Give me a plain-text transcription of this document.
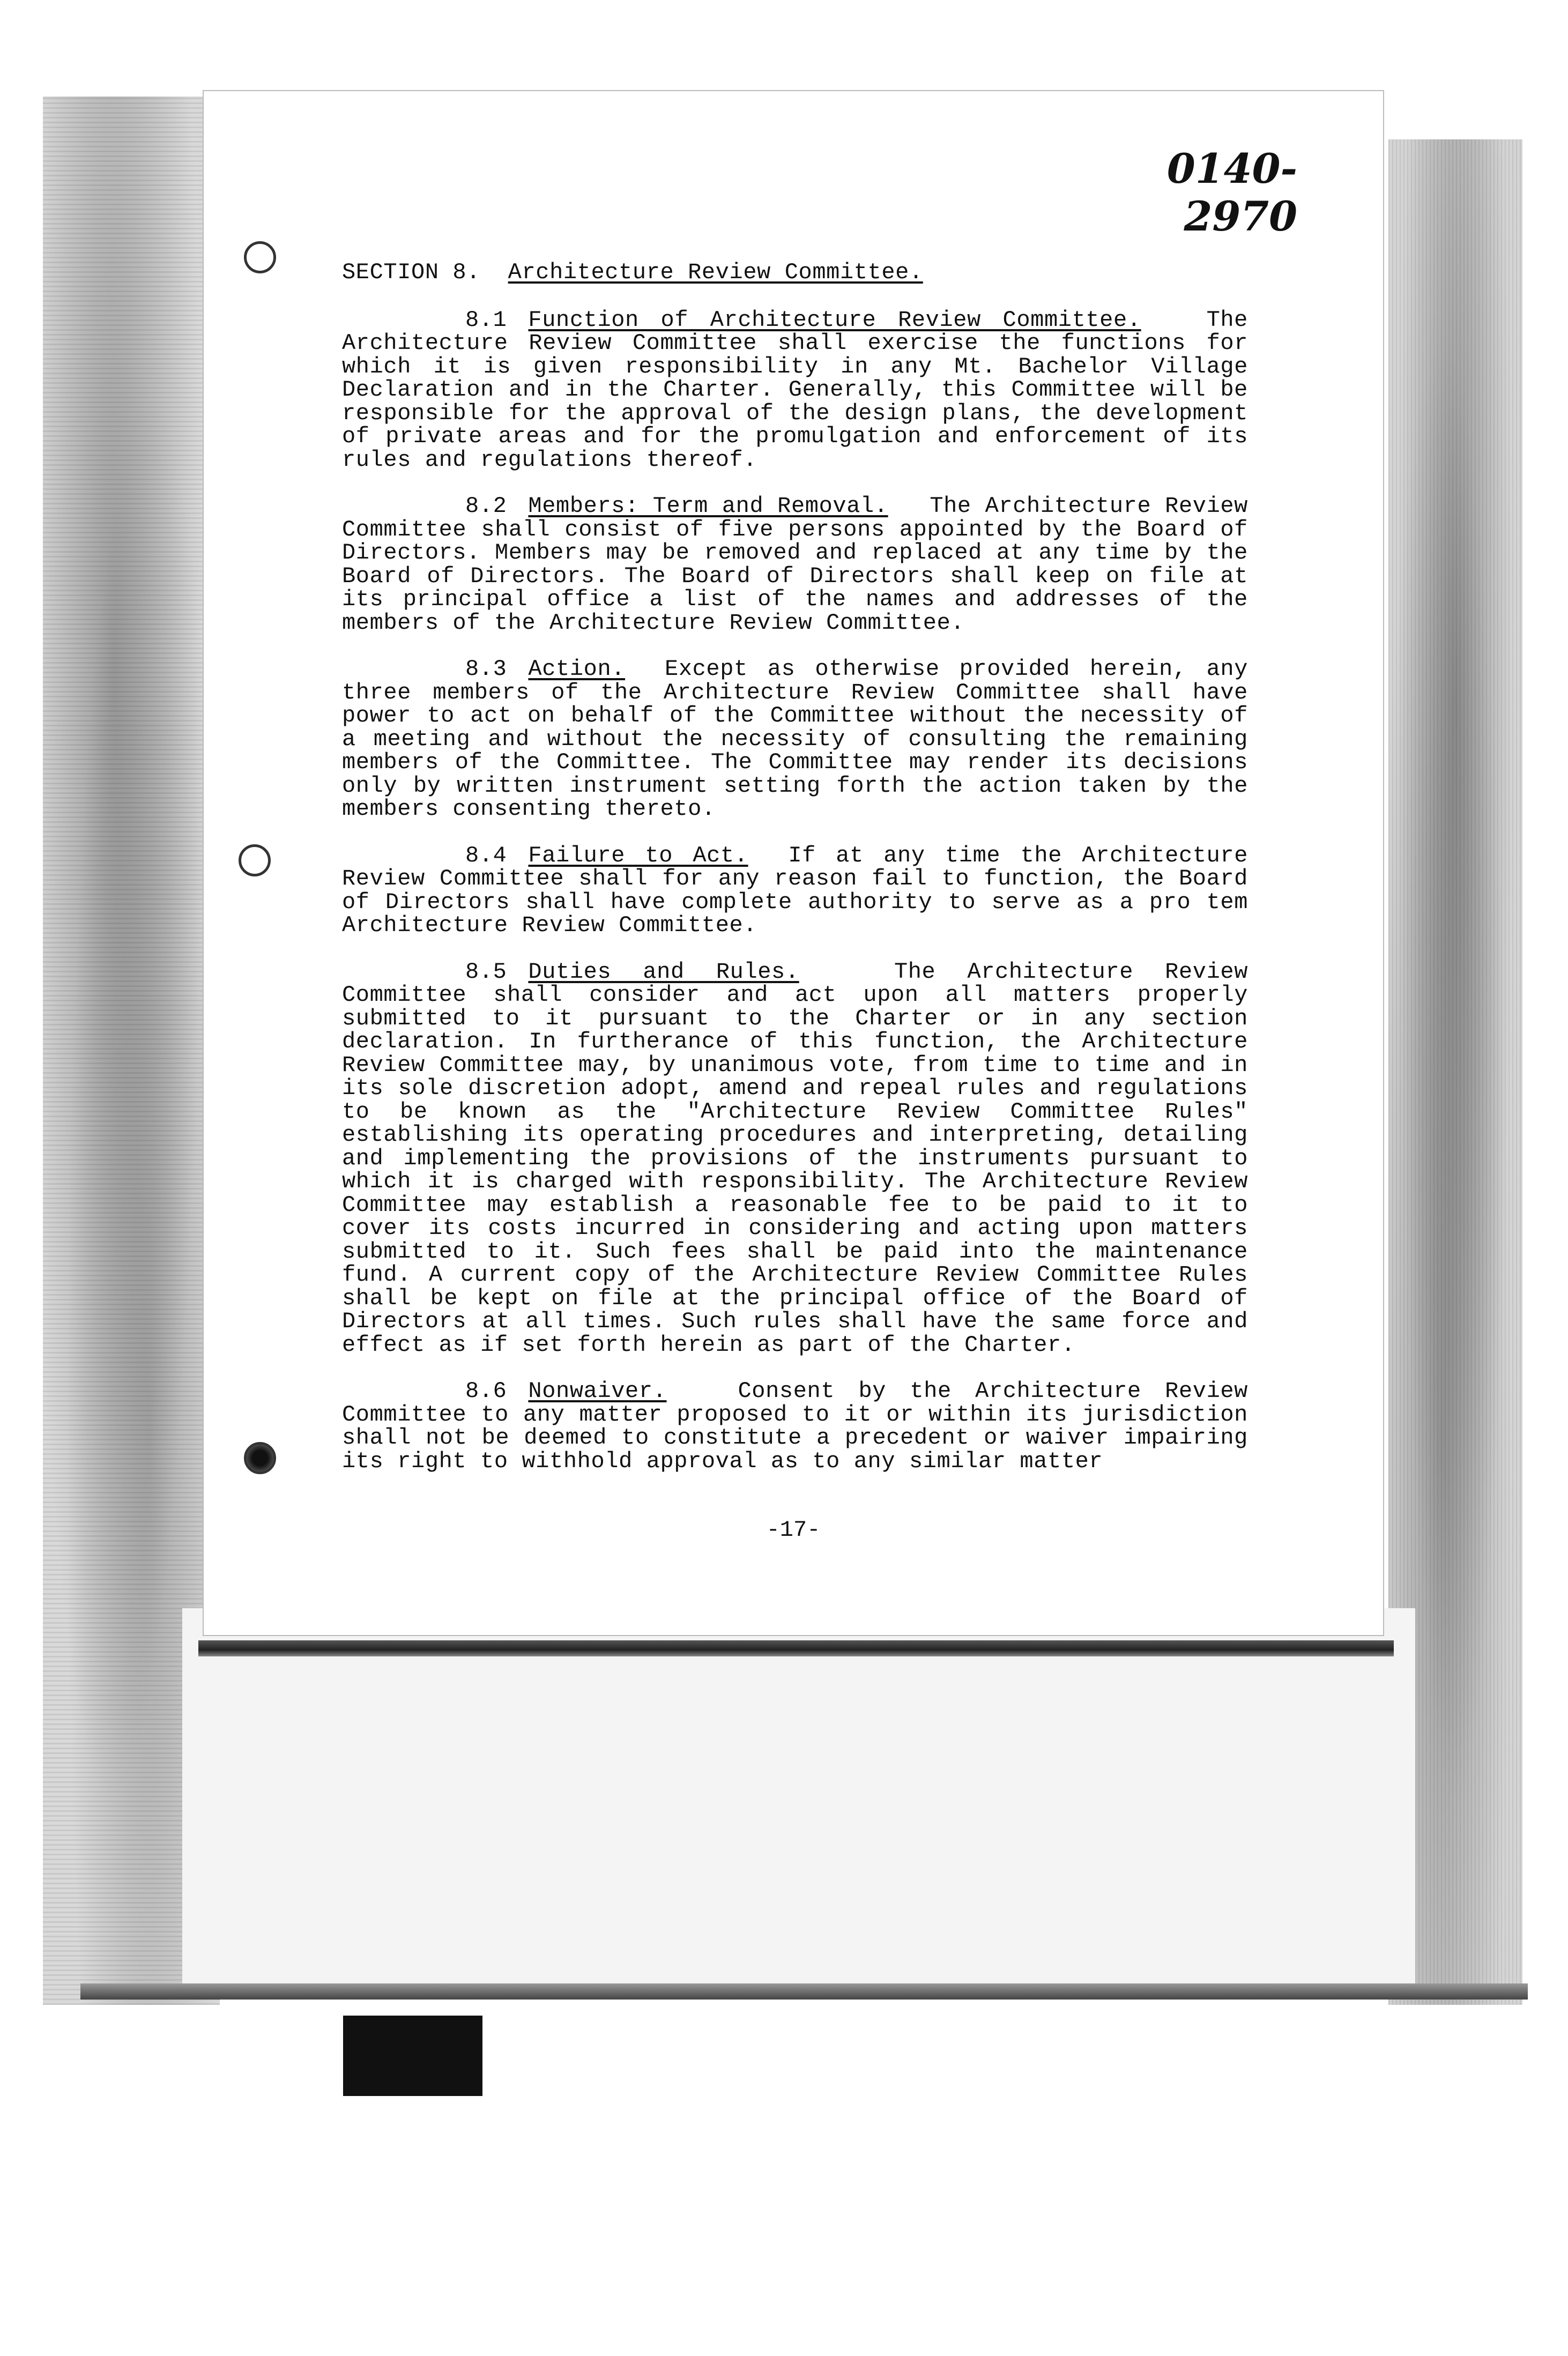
0140-2970
SECTION 8. Architecture Review Committee.

8.1 Function of Architecture Review Committee.	The Architecture Review Committee shall exercise the functions for which it is given responsibility in any Mt. Bachelor Village Declaration and in the Charter. Generally, this Committee will be responsible for the approval of the design plans, the development of private areas and for the promulgation and enforcement of its rules and regulations thereof.

8.2 Members: Term and Removal. The Architecture Review Committee shall consist of five persons appointed by the Board of Directors. Members may be removed and replaced at any time by the Board of Directors. The Board of Directors shall keep on file at its principal office a list of the names and addresses of the members of the Architecture Review Committee.

8.3 Action. Except as otherwise provided herein, any three members of the Architecture Review Committee shall have power to act on behalf of the Committee without the necessity of a meeting and without the necessity of consulting the remaining members of the Committee. The Committee may render its decisions only by written instrument setting forth the action taken by the members consenting thereto.

8.4 Failure to Act. If at any time the Architecture Review Committee shall for any reason fail to function, the Board of Directors shall have complete authority to serve as a pro tem Architecture Review Committee.

8.5 Duties and Rules.	The Architecture Review Committee shall consider and act upon all matters properly submitted to it pursuant to the Charter or in any section declaration. In furtherance of this function, the Architecture Review Committee may, by unanimous vote, from time to time and in its sole discretion adopt, amend and repeal rules and regulations to be known as the "Architecture Review Committee Rules" establishing its operating procedures and interpreting, detailing and implementing the provisions of the instruments pursuant to which it is charged with responsibility. The Architecture Review Committee may establish a reasonable fee to be paid to it to cover its costs incurred in considering and acting upon matters submitted to it. Such fees shall be paid into the maintenance fund. A current copy of the Architecture Review Committee Rules shall be kept on file at the principal office of the Board of Directors at all times. Such rules shall have the same force and effect as if set forth herein as part of the Charter.

8.6 Nonwaiver.	Consent by the Architecture Review Committee to any matter proposed to it or within its jurisdiction shall not be deemed to constitute a precedent or waiver impairing its right to withhold approval as to any similar matter

-17-
